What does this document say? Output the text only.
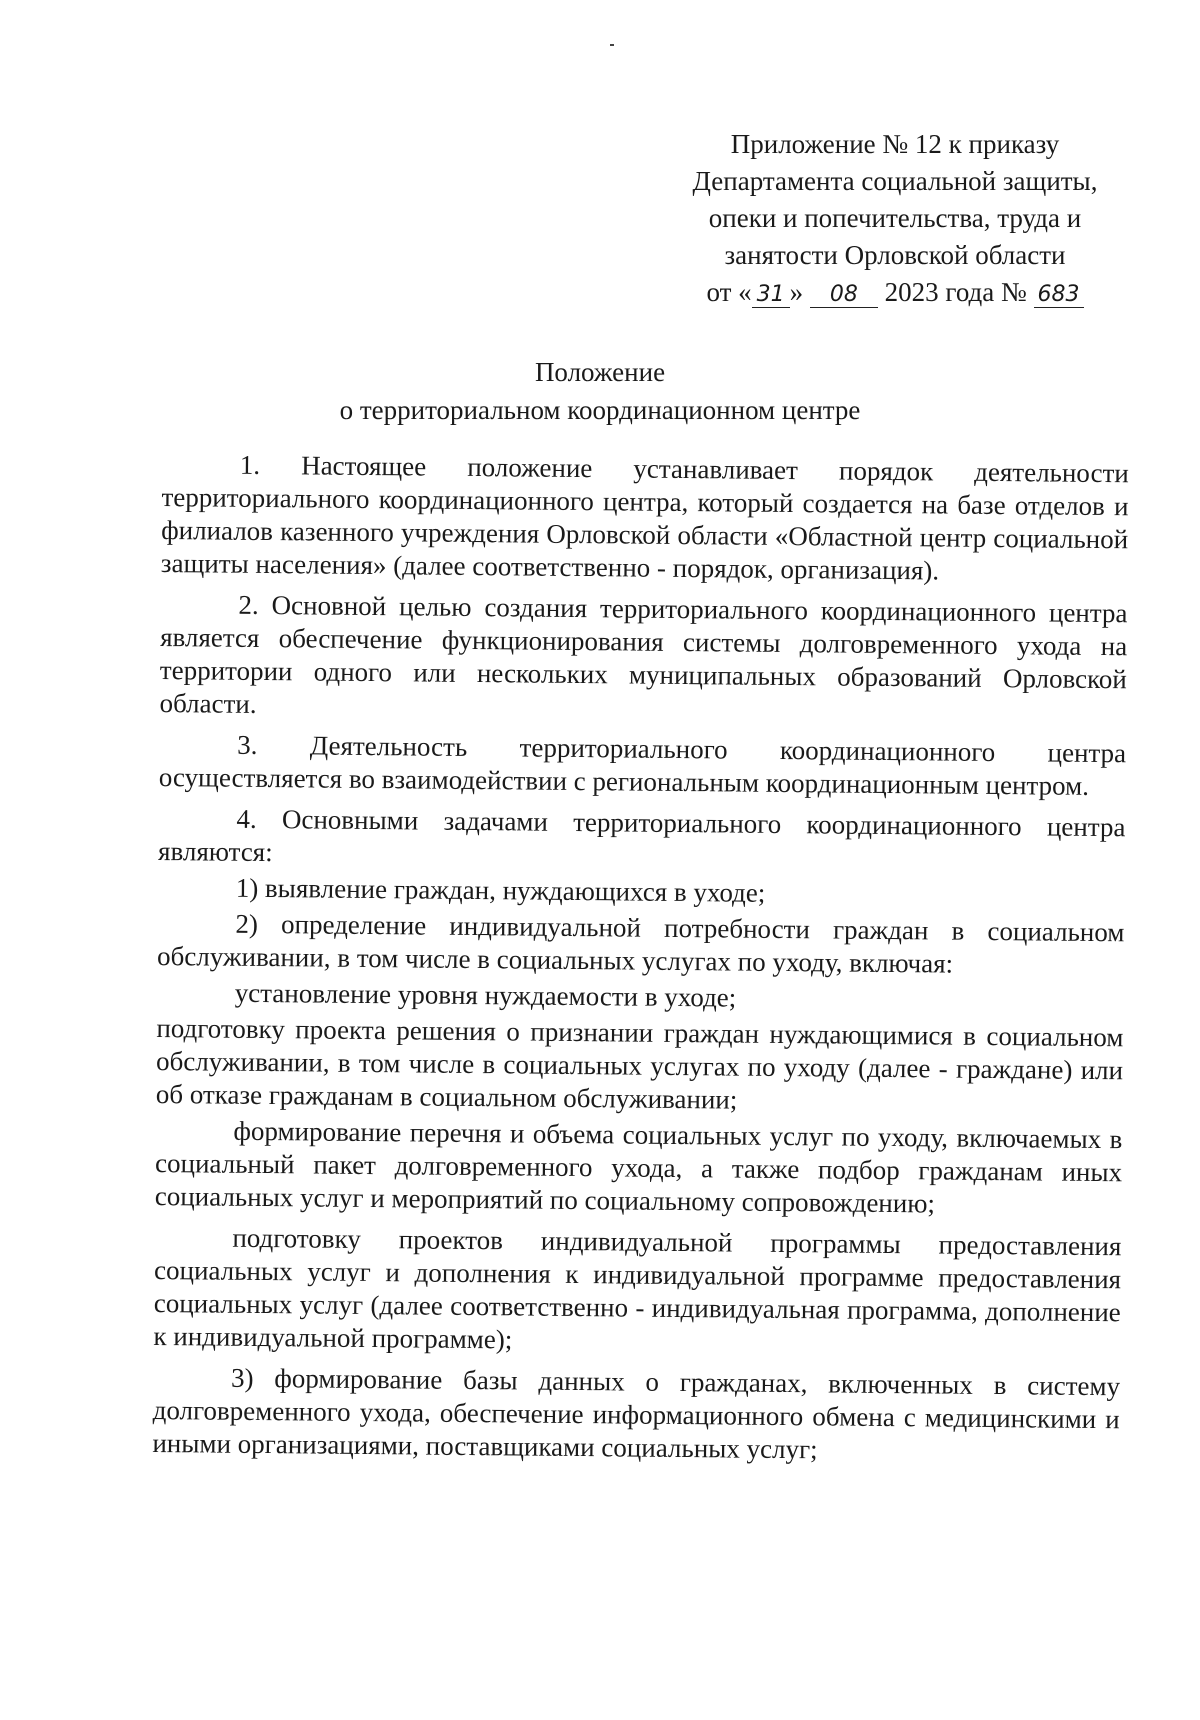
Приложение № 12 к приказу
Департамента социальной защиты,
опеки и попечительства, труда и
занятости Орловской области
от « 31 » 08 2023 года № 683
Положение
о территориальном координационном центре

1. Настоящее положение устанавливает порядок деятельности территориального координационного центра, который создается на базе отделов и филиалов казенного учреждения Орловской области «Областной центр социальной защиты населения» (далее соответственно - порядок, организация).

2. Основной целью создания территориального координационного центра является обеспечение функционирования системы долговременного ухода на территории одного или нескольких муниципальных образований Орловской области.

3. Деятельность территориального координационного центра осуществляется во взаимодействии с региональным координационным центром.

4. Основными задачами территориального координационного центра являются:

1) выявление граждан, нуждающихся в уходе;

2) определение индивидуальной потребности граждан в социальном обслуживании, в том числе в социальных услугах по уходу, включая:

установление уровня нуждаемости в уходе;

подготовку проекта решения о признании граждан нуждающимися в социальном обслуживании, в том числе в социальных услугах по уходу (далее - граждане) или об отказе гражданам в социальном обслуживании;

формирование перечня и объема социальных услуг по уходу, включаемых в социальный пакет долговременного ухода, а также подбор гражданам иных социальных услуг и мероприятий по социальному сопровождению;

подготовку проектов индивидуальной программы предоставления социальных услуг и дополнения к индивидуальной программе предоставления социальных услуг (далее соответственно - индивидуальная программа, дополнение к индивидуальной программе);

3) формирование базы данных о гражданах, включенных в систему долговременного ухода, обеспечение информационного обмена с медицинскими и иными организациями, поставщиками социальных услуг;
